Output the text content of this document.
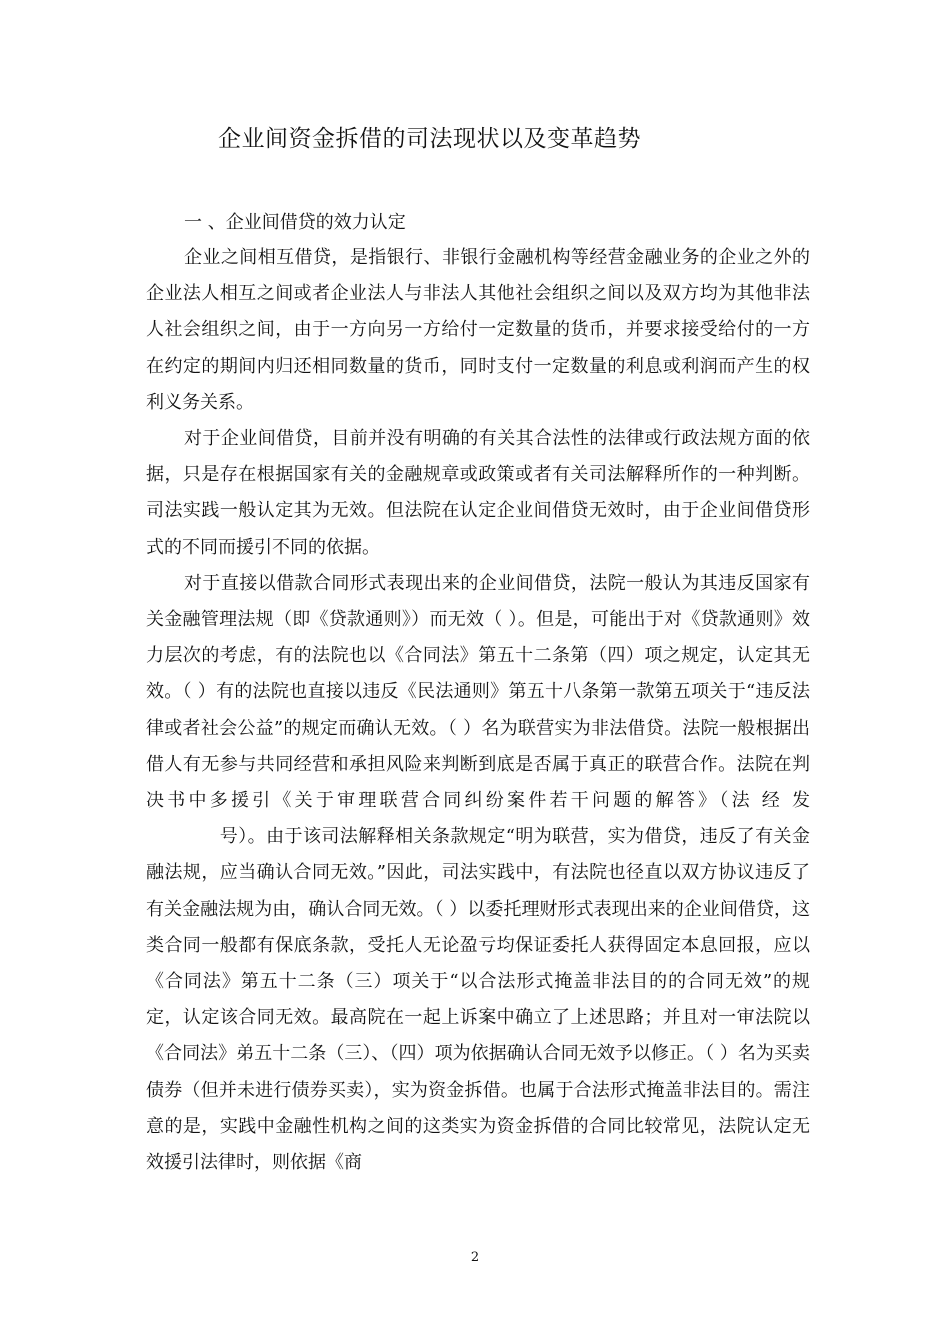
企业间资金拆借的司法现状以及变革趋势
一 、企业间借贷的效力认定

企业之间相互借贷，是指银行、非银行金融机构等经营金融业务的企业之外的企业法人相互之间或者企业法人与非法人其他社会组织之间以及双方均为其他非法人社会组织之间，由于一方向另一方给付一定数量的货币，并要求接受给付的一方在约定的期间内归还相同数量的货币，同时支付一定数量的利息或利润而产生的权利义务关系。

对于企业间借贷，目前并没有明确的有关其合法性的法律或行政法规方面的依据，只是存在根据国家有关的金融规章或政策或者有关司法解释所作的一种判断。司法实践一般认定其为无效。但法院在认定企业间借贷无效时，由于企业间借贷形式的不同而援引不同的依据。

对于直接以借款合同形式表现出来的企业间借贷，法院一般认为其违反国家有关金融管理法规（即《贷款通则》）而无效（ ）。但是，可能出于对《贷款通则》效力层次的考虑，有的法院也以《合同法》第五十二条第（四）项之规定，认定其无效。（ ）有的法院也直接以违反《民法通则》第五十八条第一款第五项关于“违反法律或者社会公益”的规定而确认无效。（ ）名为联营实为非法借贷。法院一般根据出借人有无参与共同经营和承担风险来判断到底是否属于真正的联营合作。法院在判决书中多援引《关于审理联营合同纠纷案件若干问题的解答》（法 经 发 　　　　号）。由于该司法解释相关条款规定“明为联营，实为借贷，违反了有关金融法规，应当确认合同无效。”因此，司法实践中，有法院也径直以双方协议违反了有关金融法规为由，确认合同无效。（ ）以委托理财形式表现出来的企业间借贷，这类合同一般都有保底条款，受托人无论盈亏均保证委托人获得固定本息回报，应以《合同法》第五十二条（三）项关于“以合法形式掩盖非法目的的合同无效”的规定，认定该合同无效。最高院在一起上诉案中确立了上述思路；并且对一审法院以《合同法》弟五十二条（三）、（四）项为依据确认合同无效予以修正。（ ）名为买卖债券（但并未进行债券买卖），实为资金拆借。也属于合法形式掩盖非法目的。需注意的是，实践中金融性机构之间的这类实为资金拆借的合同比较常见，法院认定无效援引法律时，则依据《商

2
